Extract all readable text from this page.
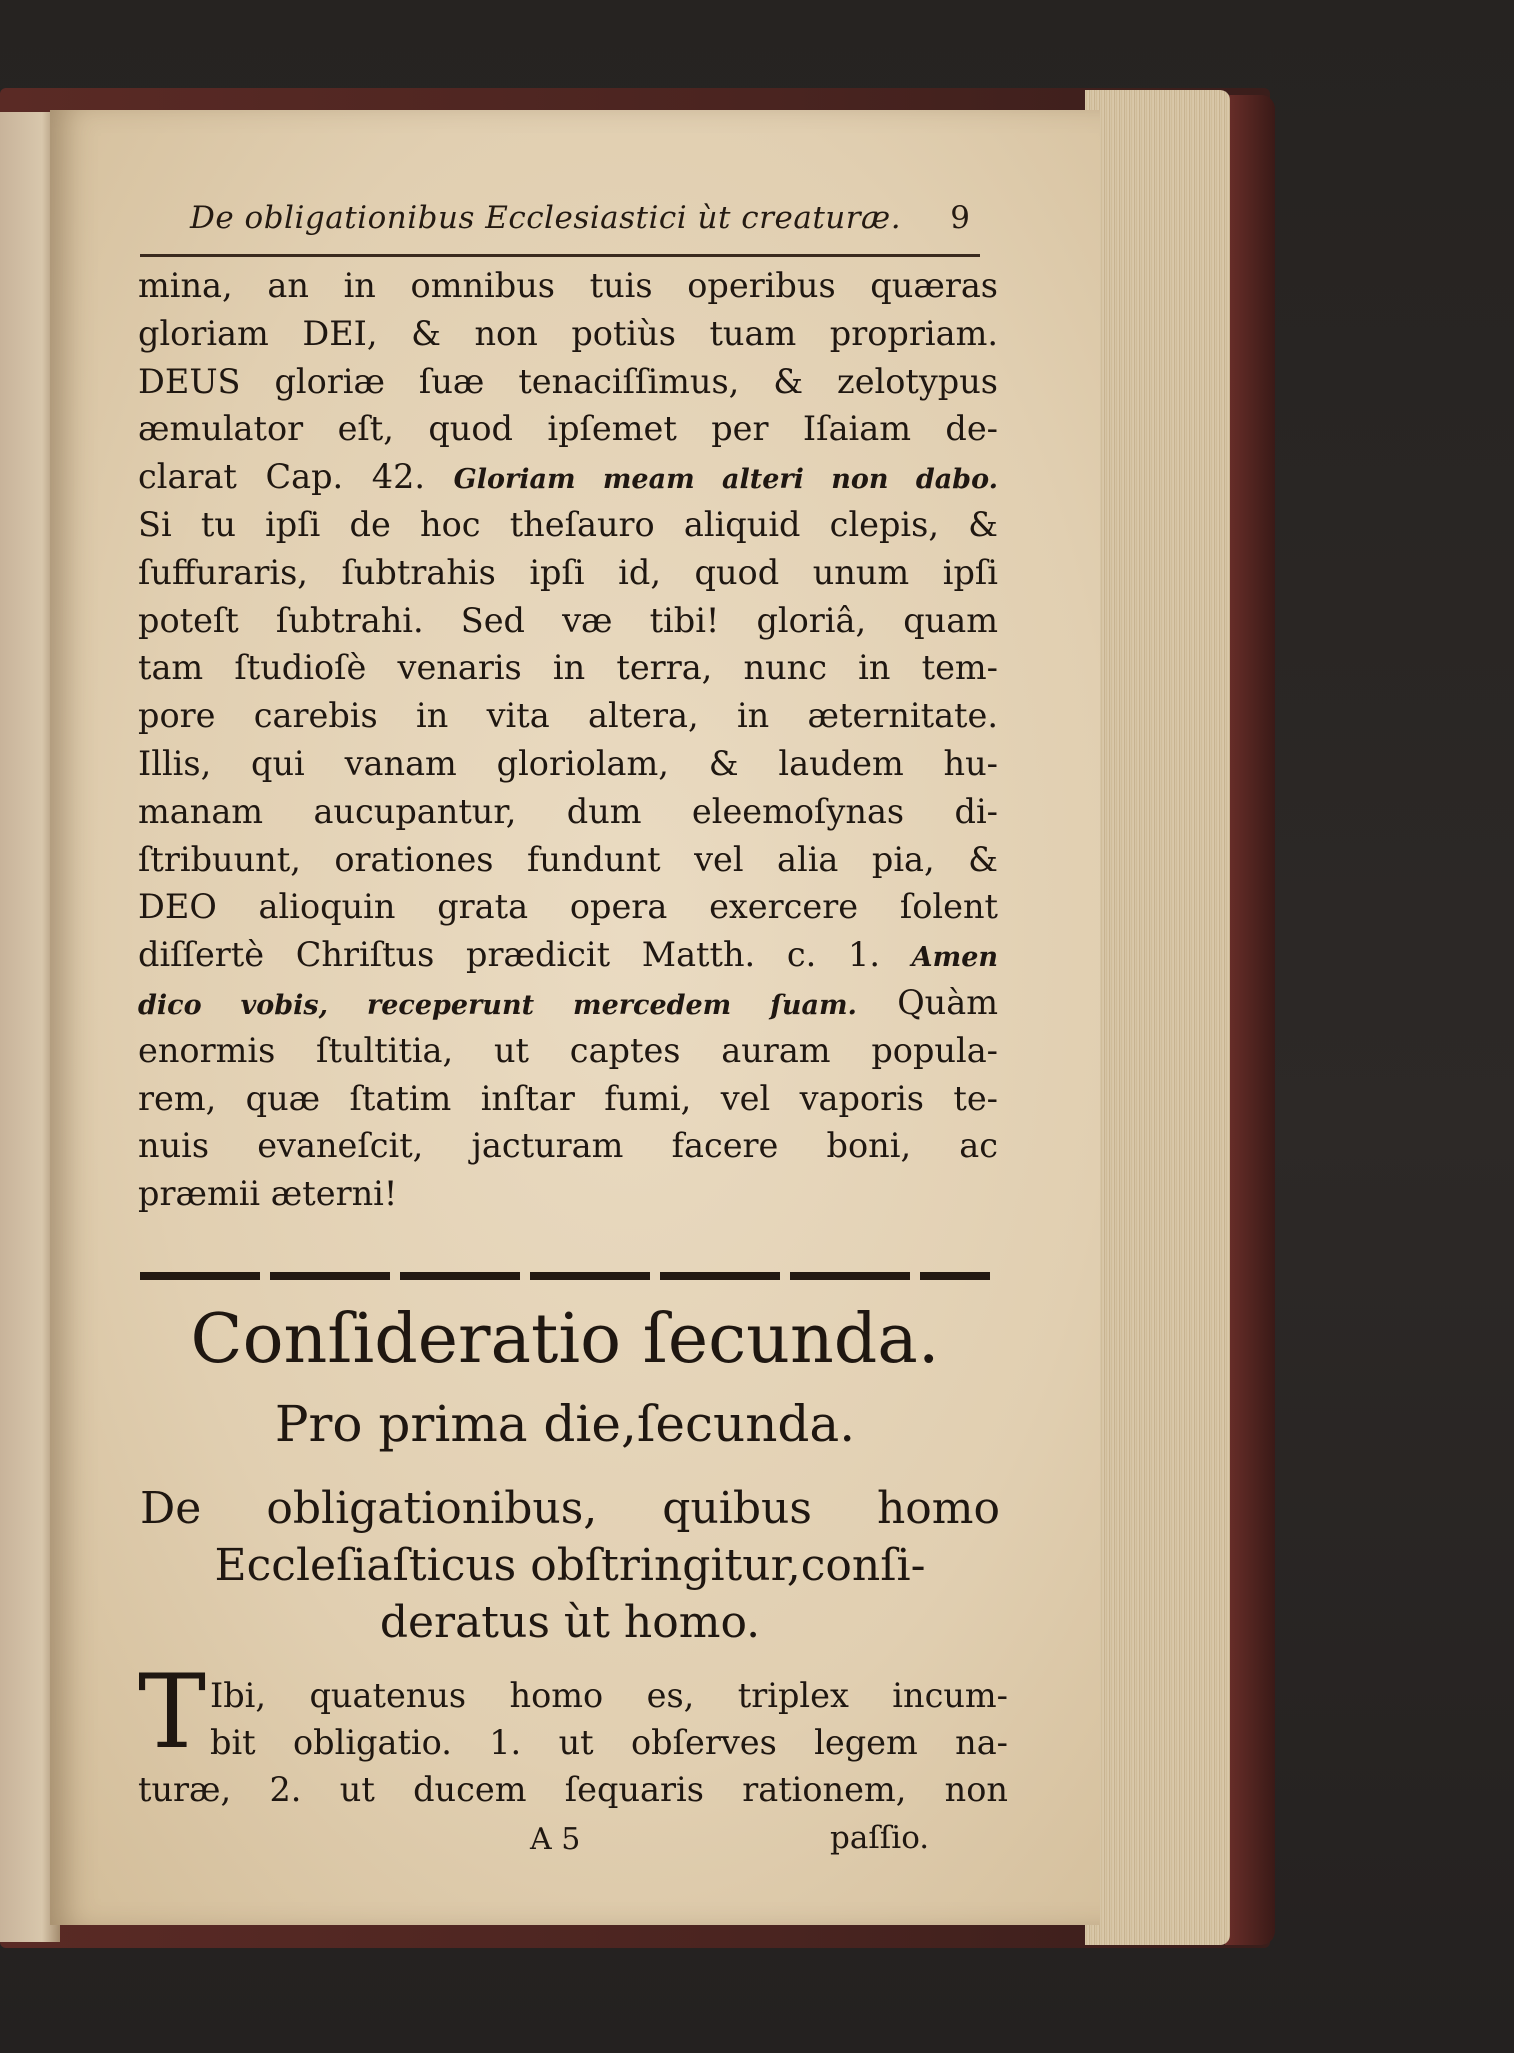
De obligationibus Ecclesiastici ùt creaturæ. 9
mina, an in omnibus tuis operibus quæras
gloriam DEI, & non potiùs tuam propriam.
DEUS gloriæ ſuæ tenaciſſimus, & zelotypus
æmulator eſt, quod ipſemet per Iſaiam de-
clarat Cap. 42. Gloriam meam alteri non dabo.
Si tu ipſi de hoc theſauro aliquid clepis, &
ſuffuraris, ſubtrahis ipſi id, quod unum ipſi
poteſt ſubtrahi. Sed væ tibi! gloriâ, quam
tam ſtudioſè venaris in terra, nunc in tem-
pore carebis in vita altera, in æternitate.
Illis, qui vanam gloriolam, & laudem hu-
manam aucupantur, dum eleemoſynas di-
ſtribuunt, orationes fundunt vel alia pia, &
DEO alioquin grata opera exercere ſolent
diſſertè Chriſtus prædicit Matth. c. 1. Amen
dico vobis, receperunt mercedem ſuam. Quàm
enormis ſtultitia, ut captes auram popula-
rem, quæ ſtatim inſtar fumi, vel vaporis te-
nuis evaneſcit, jacturam facere boni, ac
præmii æterni!
Conſideratio ſecunda.
Pro prima die,ſecunda.
De obligationibus, quibus homo
Eccleſiaſticus obſtringitur,conſi-
deratus ùt homo.
T Ibi, quatenus homo es, triplex incum-
bit obligatio. 1. ut obſerves legem na-
turæ, 2. ut ducem ſequaris rationem, non
A 5	paſſio.
